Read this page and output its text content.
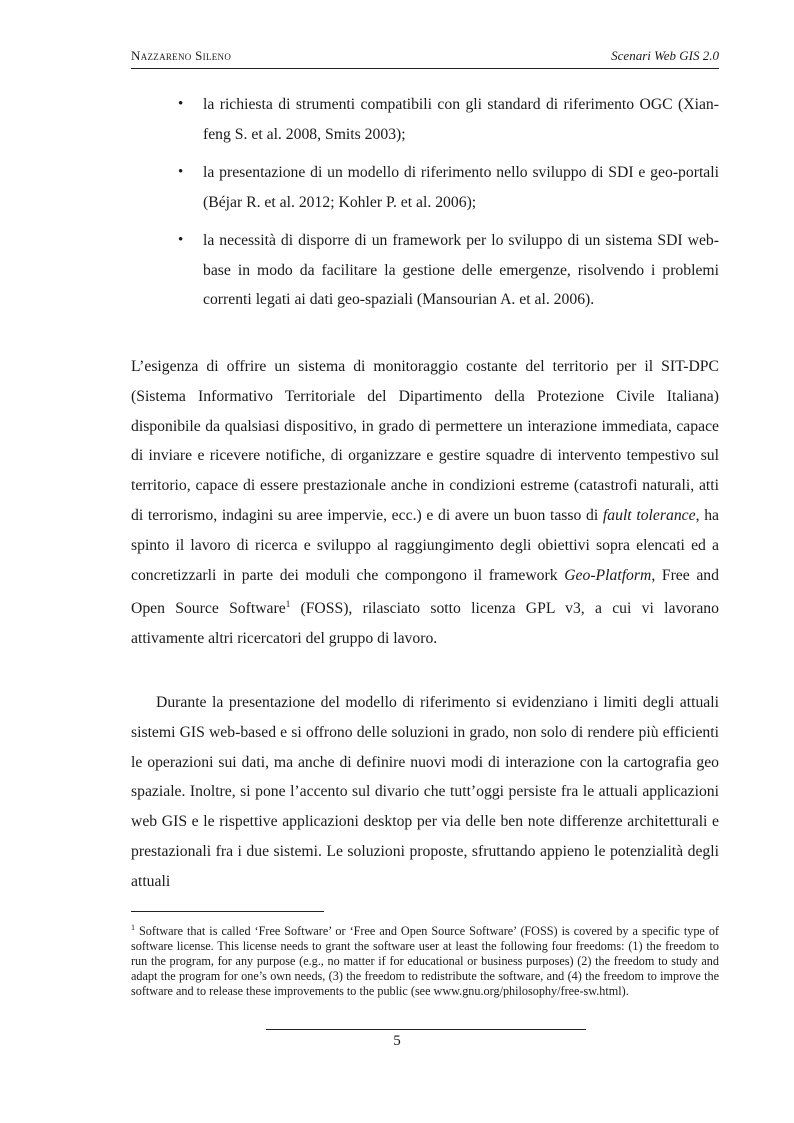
Nazzareno Sileno	Scenari Web GIS 2.0
• la richiesta di strumenti compatibili con gli standard di riferimento OGC (Xian-feng S. et al. 2008, Smits 2003);
• la presentazione di un modello di riferimento nello sviluppo di SDI e geo-portali (Béjar R. et al. 2012; Kohler P. et al. 2006);
• la necessità di disporre di un framework per lo sviluppo di un sistema SDI web-base in modo da facilitare la gestione delle emergenze, risolvendo i problemi correnti legati ai dati geo-spaziali (Mansourian A. et al. 2006).

L’esigenza di offrire un sistema di monitoraggio costante del territorio per il SIT-DPC (Sistema Informativo Territoriale del Dipartimento della Protezione Civile Italiana) disponibile da qualsiasi dispositivo, in grado di permettere un interazione immediata, capace di inviare e ricevere notifiche, di organizzare e gestire squadre di intervento tempestivo sul territorio, capace di essere prestazionale anche in condizioni estreme (catastrofi naturali, atti di terrorismo, indagini su aree impervie, ecc.) e di avere un buon tasso di fault tolerance, ha spinto il lavoro di ricerca e sviluppo al raggiungimento degli obiettivi sopra elencati ed a concretizzarli in parte dei moduli che compongono il framework Geo-Platform, Free and Open Source Software$^1$ (FOSS), rilasciato sotto licenza GPL v3, a cui vi lavorano attivamente altri ricercatori del gruppo di lavoro.

Durante la presentazione del modello di riferimento si evidenziano i limiti degli attuali sistemi GIS web-based e si offrono delle soluzioni in grado, non solo di rendere più efficienti le operazioni sui dati, ma anche di definire nuovi modi di interazione con la cartografia geo spaziale. Inoltre, si pone l’accento sul divario che tutt’oggi persiste fra le attuali applicazioni web GIS e le rispettive applicazioni desktop per via delle ben note differenze architetturali e prestazionali fra i due sistemi. Le soluzioni proposte, sfruttando appieno le potenzialità degli attuali

$^1$ Software that is called ‘Free Software’ or ‘Free and Open Source Software’ (FOSS) is covered by a specific type of software license. This license needs to grant the software user at least the following four freedoms: (1) the freedom to run the program, for any purpose (e.g., no matter if for educational or business purposes) (2) the freedom to study and adapt the program for one’s own needs, (3) the freedom to redistribute the software, and (4) the freedom to improve the software and to release these improvements to the public (see www.gnu.org/philosophy/free-sw.html).

5
